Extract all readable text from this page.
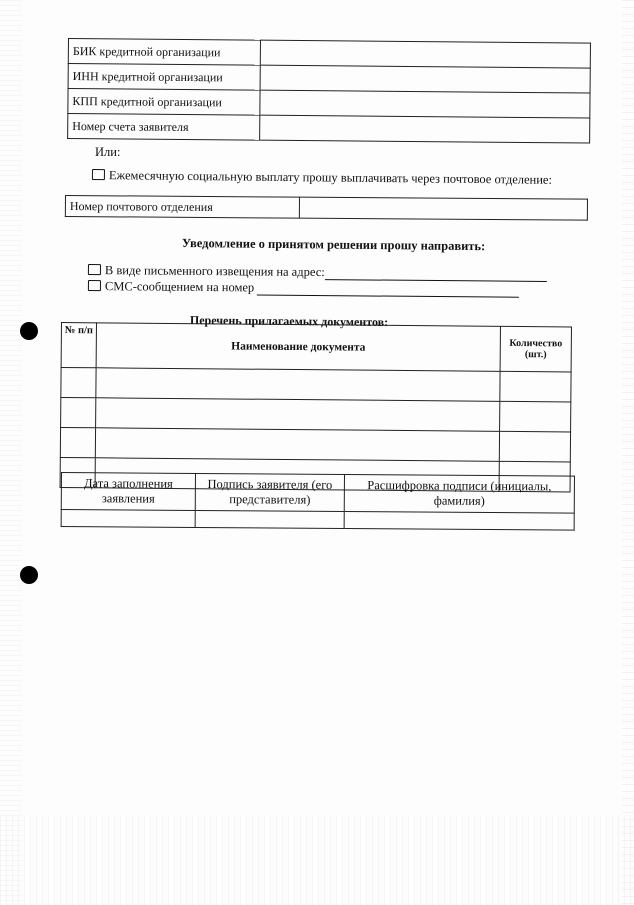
БИК кредитной организации	
ИНН кредитной организации	
КПП кредитной организации	
Номер счета заявителя	
Или:
Ежемесячную социальную выплату прошу выплачивать через почтовое отделение:
Номер почтового отделения	
Уведомление о принятом решении прошу направить:
В виде письменного извещения на адрес:
СМС-сообщением на номер
Перечень прилагаемых документов:
№ п/п	Наименование документа	Количество (шт.)

Дата заполнения заявления	Подпись заявителя (его представителя)	Расшифровка подписи (инициалы, фамилия)
